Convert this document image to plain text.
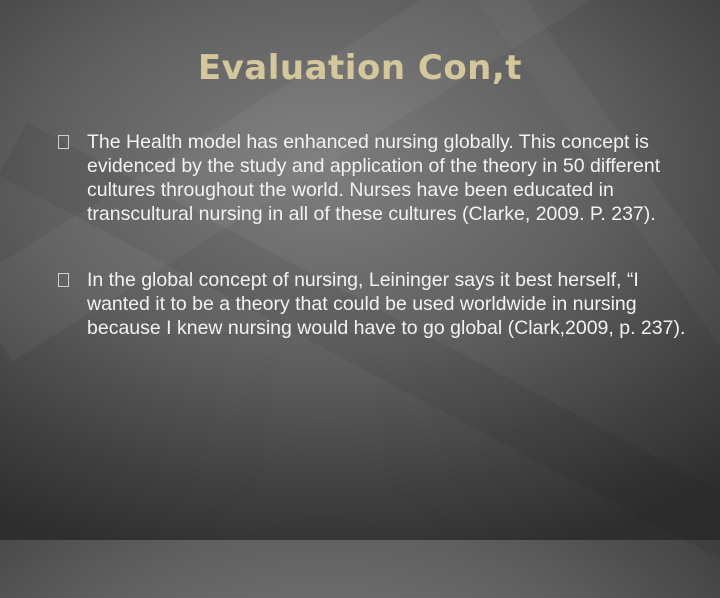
Evaluation Con,t

The Health model has enhanced nursing globally. This concept is evidenced by the study and application of the theory in 50 different cultures throughout the world. Nurses have been educated in transcultural nursing in all of these cultures (Clarke, 2009. P. 237).

In the global concept of nursing, Leininger says it best herself, “I wanted it to be a theory that could be used worldwide in nursing because I knew nursing would have to go global (Clark,2009, p. 237).
